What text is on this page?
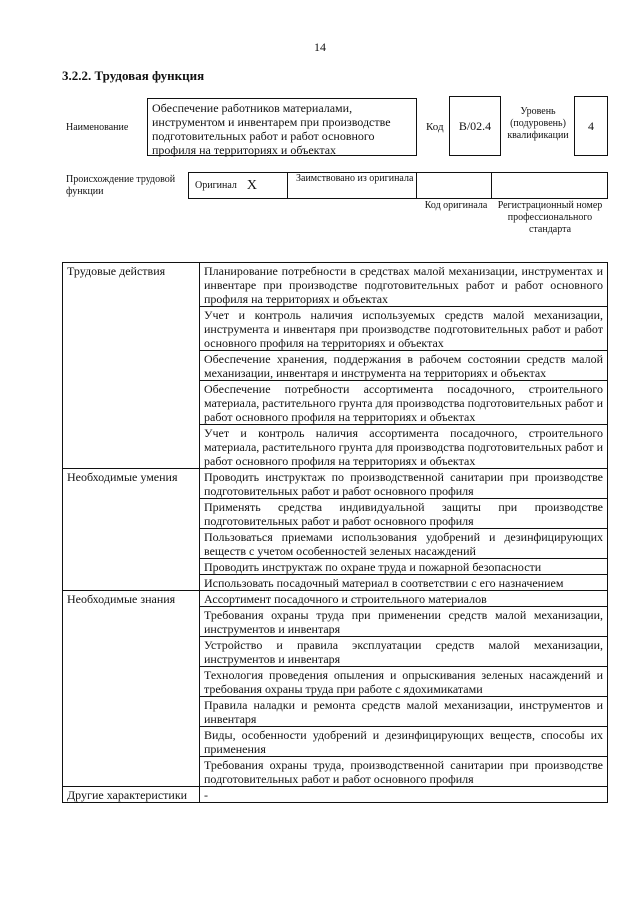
14
3.2.2. Трудовая функция
Наименование
Обеспечение работников материалами, инструментом и инвентарем при производстве подготовительных работ и работ основного профиля на территориях и объектах
Код	В/02.4
Уровень (подуровень) квалификации
4
Происхождение трудовой функции
Оригинал X	Заимствовано из оригинала
Код оригинала	Регистрационный номер профессионального стандарта
Трудовые действия	Планирование потребности в средствах малой механизации, инструментах и инвентаре при производстве подготовительных работ и работ основного профиля на территориях и объектах
	Учет и контроль наличия используемых средств малой механизации, инструмента и инвентаря при производстве подготовительных работ и работ основного профиля на территориях и объектах
	Обеспечение хранения, поддержания в рабочем состоянии средств малой механизации, инвентаря и инструмента на территориях и объектах
	Обеспечение потребности ассортимента посадочного, строительного материала, растительного грунта для производства подготовительных работ и работ основного профиля на территориях и объектах
	Учет и контроль наличия ассортимента посадочного, строительного материала, растительного грунта для производства подготовительных работ и работ основного профиля на территориях и объектах
Необходимые умения	Проводить инструктаж по производственной санитарии при производстве подготовительных работ и работ основного профиля
	Применять средства индивидуальной защиты при производстве подготовительных работ и работ основного профиля
	Пользоваться приемами использования удобрений и дезинфицирующих веществ с учетом особенностей зеленых насаждений
	Проводить инструктаж по охране труда и пожарной безопасности
	Использовать посадочный материал в соответствии с его назначением
Необходимые знания	Ассортимент посадочного и строительного материалов
	Требования охраны труда при применении средств малой механизации, инструментов и инвентаря
	Устройство и правила эксплуатации средств малой механизации, инструментов и инвентаря
	Технология проведения опыления и опрыскивания зеленых насаждений и требования охраны труда при работе с ядохимикатами
	Правила наладки и ремонта средств малой механизации, инструментов и инвентаря
	Виды, особенности удобрений и дезинфицирующих веществ, способы их применения
	Требования охраны труда, производственной санитарии при производстве подготовительных работ и работ основного профиля
Другие характеристики	-
